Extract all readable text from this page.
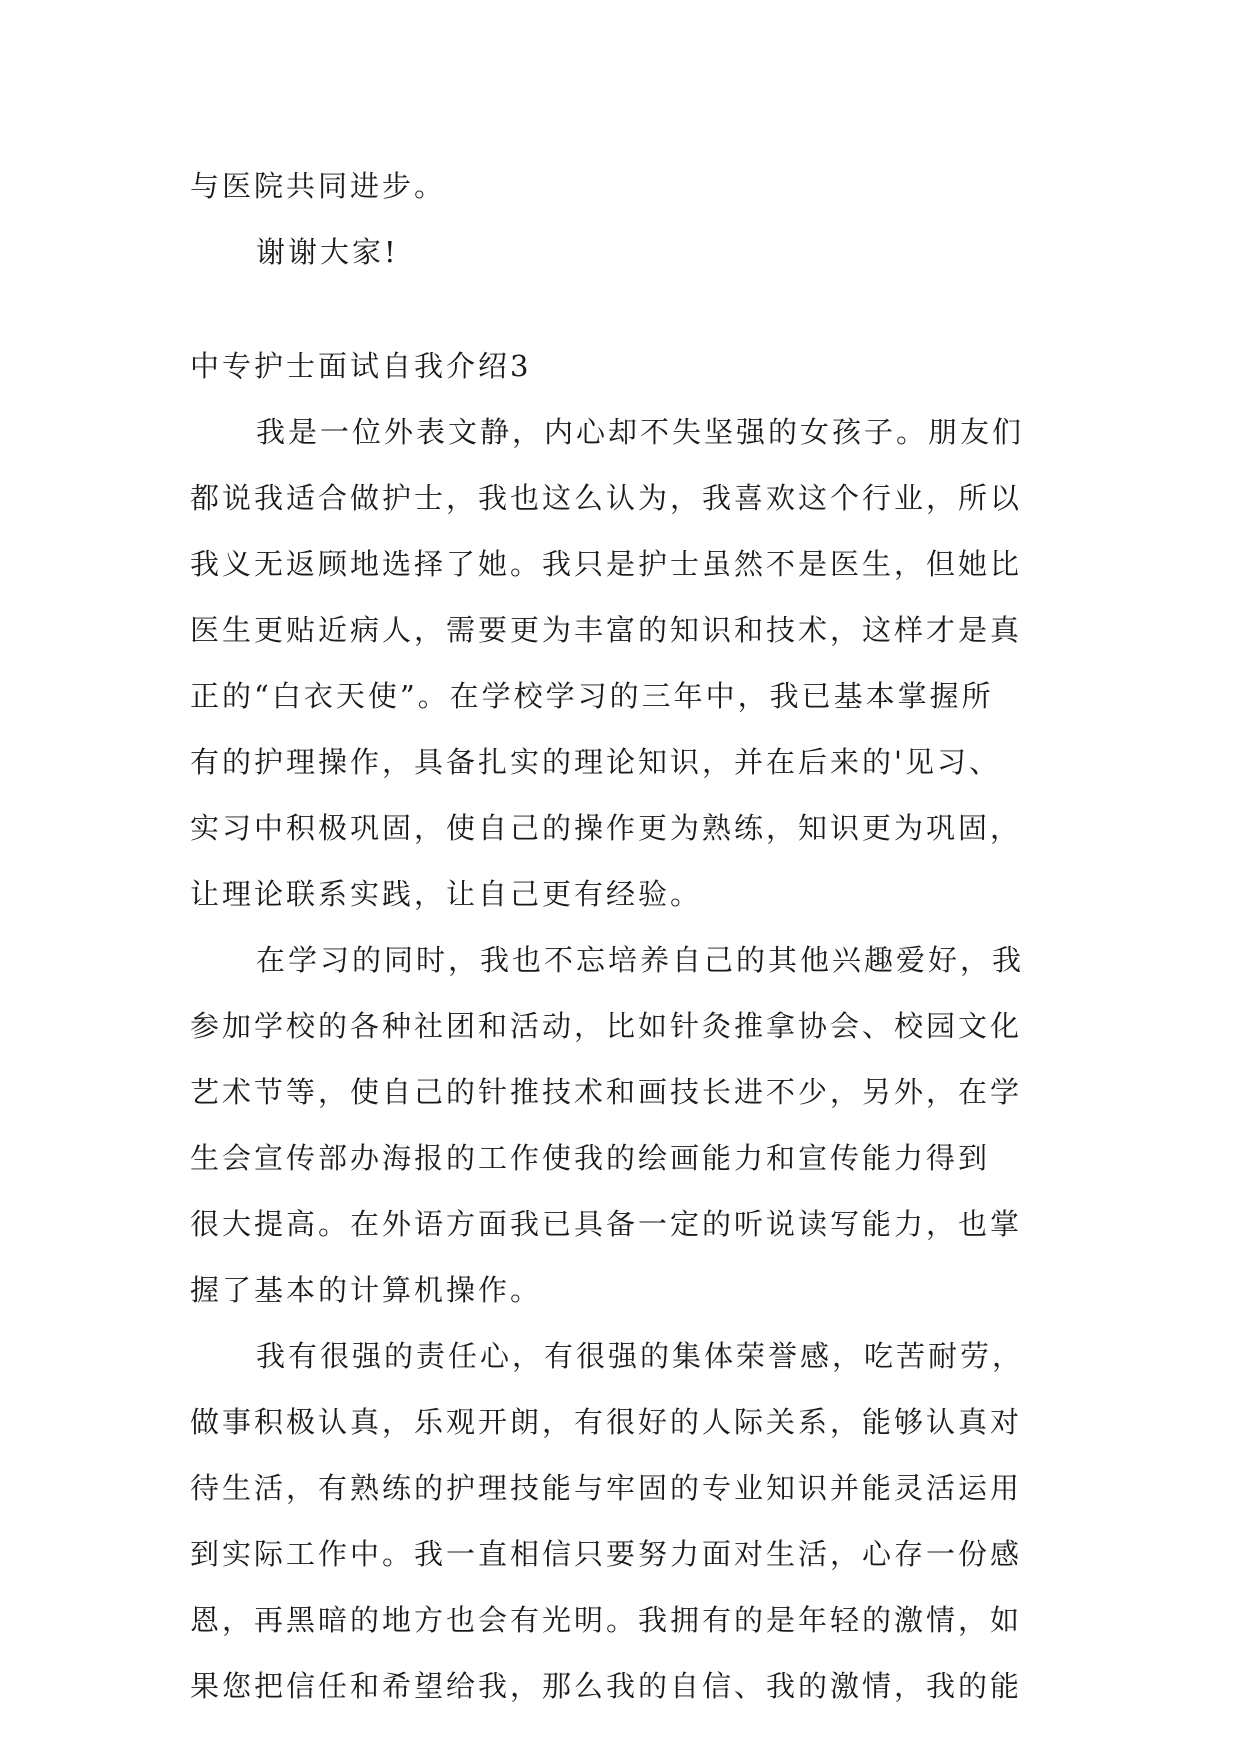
与医院共同进步。
谢谢大家!
中专护士面试自我介绍3
我是一位外表文静，内心却不失坚强的女孩子。朋友们
都说我适合做护士，我也这么认为，我喜欢这个行业，所以
我义无返顾地选择了她。我只是护士虽然不是医生，但她比
医生更贴近病人，需要更为丰富的知识和技术，这样才是真
正的“白衣天使”。在学校学习的三年中，我已基本掌握所
有的护理操作，具备扎实的理论知识，并在后来的'见习、
实习中积极巩固，使自己的操作更为熟练，知识更为巩固，
让理论联系实践，让自己更有经验。
在学习的同时，我也不忘培养自己的其他兴趣爱好，我
参加学校的各种社团和活动，比如针灸推拿协会、校园文化
艺术节等，使自己的针推技术和画技长进不少，另外，在学
生会宣传部办海报的工作使我的绘画能力和宣传能力得到
很大提高。在外语方面我已具备一定的听说读写能力，也掌
握了基本的计算机操作。
我有很强的责任心，有很强的集体荣誉感，吃苦耐劳，
做事积极认真，乐观开朗，有很好的人际关系，能够认真对
待生活，有熟练的护理技能与牢固的专业知识并能灵活运用
到实际工作中。我一直相信只要努力面对生活，心存一份感
恩，再黑暗的地方也会有光明。我拥有的是年轻的激情，如
果您把信任和希望给我，那么我的自信、我的激情，我的能
